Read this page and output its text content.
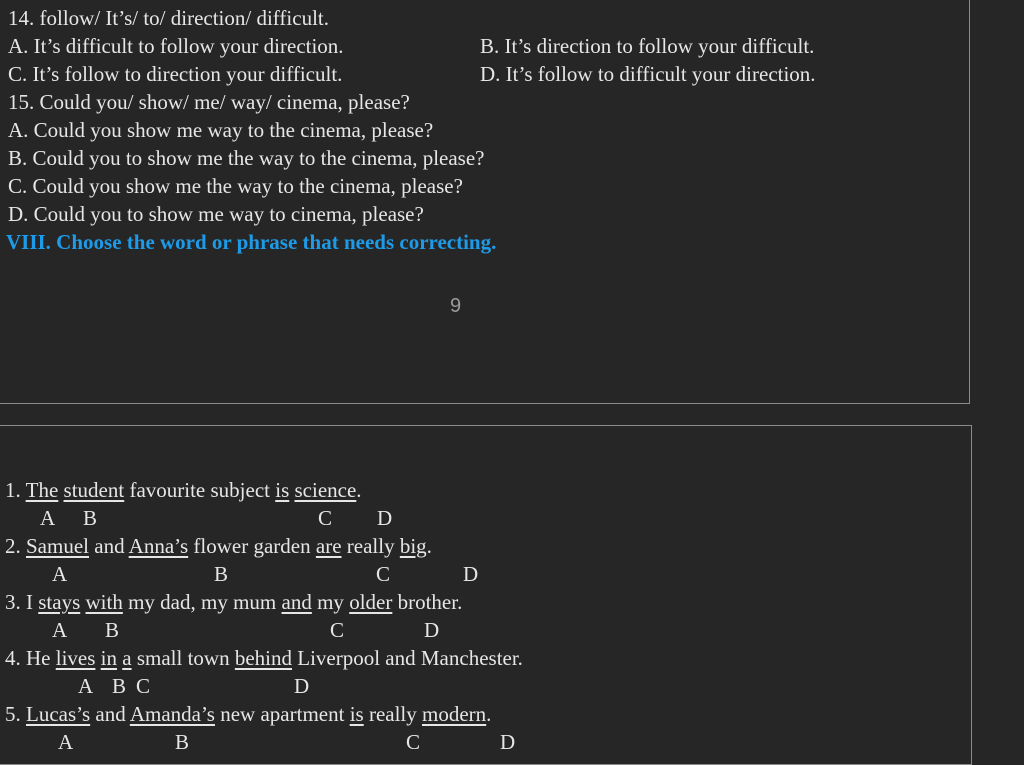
14. follow/ It’s/ to/ direction/ difficult.
A. It’s difficult to follow your direction.	B. It’s direction to follow your difficult.
C. It’s follow to direction your difficult.	D. It’s follow to difficult your direction.
15. Could you/ show/ me/ way/ cinema, please?
A. Could you show me way to the cinema, please?
B. Could you to show me the way to the cinema, please?
C. Could you show me the way to the cinema, please?
D. Could you to show me way to cinema, please?
VIII. Choose the word or phrase that needs correcting.
9
1. The student favourite subject is science.
A B	C D
2. Samuel and Anna’s flower garden are really big.
A	B	C	D
3. I stays with my dad, my mum and my older brother.
A B	C	D
4. He lives in a small town behind Liverpool and Manchester.
A B C	D
5. Lucas’s and Amanda’s new apartment is really modern.
A	B	C	D
